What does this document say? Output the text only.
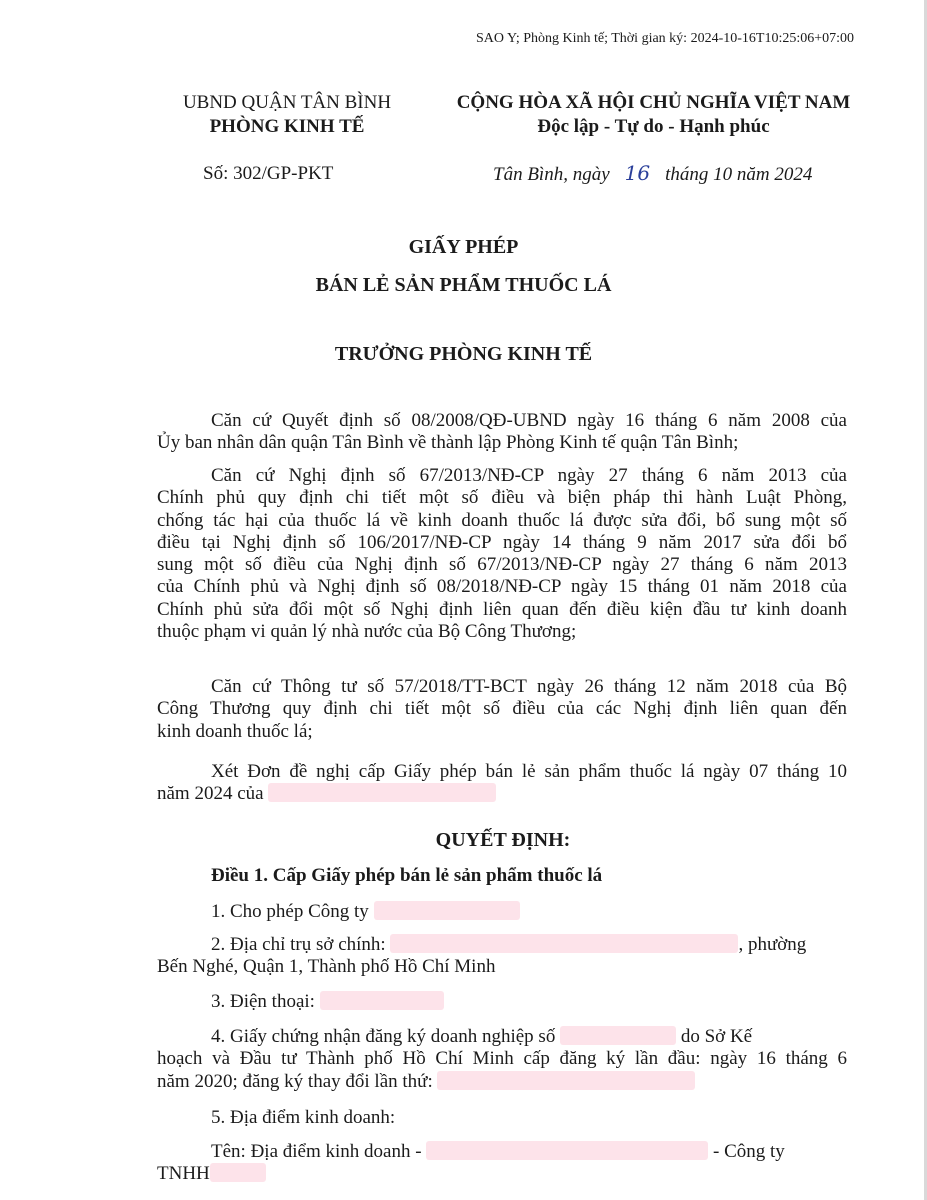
SAO Y; Phòng Kinh tế; Thời gian ký: 2024-10-16T10:25:06+07:00
UBND QUẬN TÂN BÌNH
PHÒNG KINH TẾ
Số: 302/GP-PKT
CỘNG HÒA XÃ HỘI CHỦ NGHĨA VIỆT NAM
Độc lập - Tự do - Hạnh phúc
Tân Bình, ngày 16 tháng 10 năm 2024
GIẤY PHÉP
BÁN LẺ SẢN PHẨM THUỐC LÁ
TRƯỞNG PHÒNG KINH TẾ
Căn cứ Quyết định số 08/2008/QĐ-UBND ngày 16 tháng 6 năm 2008 của
Ủy ban nhân dân quận Tân Bình về thành lập Phòng Kinh tế quận Tân Bình;
Căn cứ Nghị định số 67/2013/NĐ-CP ngày 27 tháng 6 năm 2013 của
Chính phủ quy định chi tiết một số điều và biện pháp thi hành Luật Phòng,
chống tác hại của thuốc lá về kinh doanh thuốc lá được sửa đổi, bổ sung một số
điều tại Nghị định số 106/2017/NĐ-CP ngày 14 tháng 9 năm 2017 sửa đổi bổ
sung một số điều của Nghị định số 67/2013/NĐ-CP ngày 27 tháng 6 năm 2013
của Chính phủ và Nghị định số 08/2018/NĐ-CP ngày 15 tháng 01 năm 2018 của
Chính phủ sửa đổi một số Nghị định liên quan đến điều kiện đầu tư kinh doanh
thuộc phạm vi quản lý nhà nước của Bộ Công Thương;
Căn cứ Thông tư số 57/2018/TT-BCT ngày 26 tháng 12 năm 2018 của Bộ
Công Thương quy định chi tiết một số điều của các Nghị định liên quan đến
kinh doanh thuốc lá;
Xét Đơn đề nghị cấp Giấy phép bán lẻ sản phẩm thuốc lá ngày 07 tháng 10
năm 2024 của
QUYẾT ĐỊNH:
Điều 1. Cấp Giấy phép bán lẻ sản phẩm thuốc lá
1. Cho phép Công ty
2. Địa chỉ trụ sở chính:	, phường
Bến Nghé, Quận 1, Thành phố Hồ Chí Minh
3. Điện thoại:
4. Giấy chứng nhận đăng ký doanh nghiệp số	do Sở Kế
hoạch và Đầu tư Thành phố Hồ Chí Minh cấp đăng ký lần đầu: ngày 16 tháng 6
năm 2020; đăng ký thay đổi lần thứ:
5. Địa điểm kinh doanh:
Tên: Địa điểm kinh doanh -	- Công ty
TNHH
